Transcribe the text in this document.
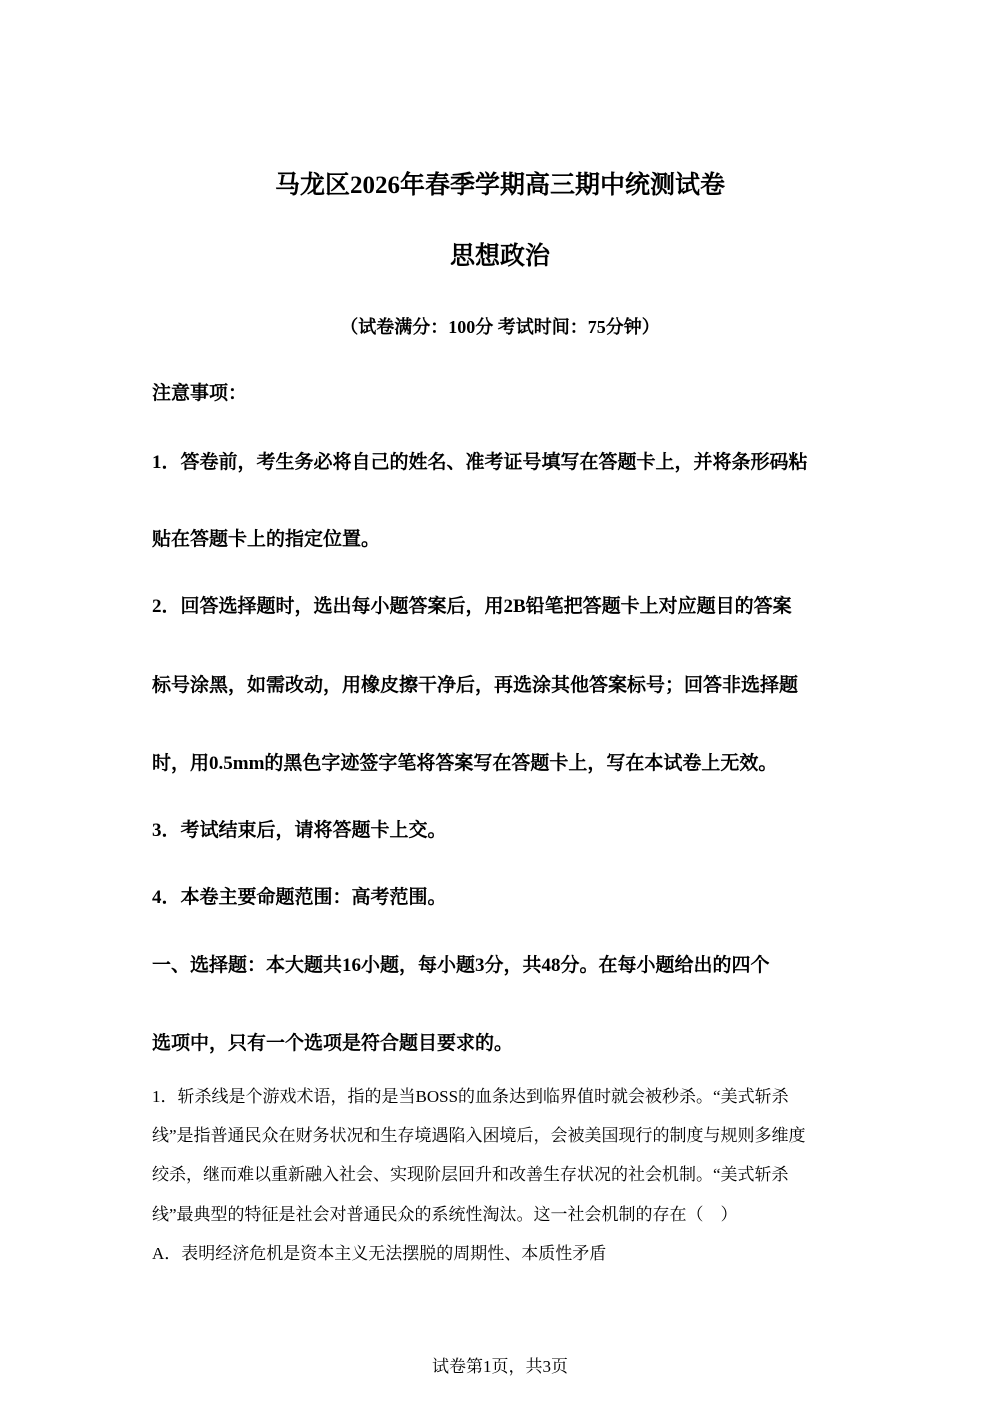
马龙区2026年春季学期高三期中统测试卷
思想政治
（试卷满分：100分 考试时间：75分钟）
注意事项：
1．答卷前，考生务必将自己的姓名、准考证号填写在答题卡上，并将条形码粘
贴在答题卡上的指定位置。
2．回答选择题时，选出每小题答案后，用2B铅笔把答题卡上对应题目的答案
标号涂黑，如需改动，用橡皮擦干净后，再选涂其他答案标号；回答非选择题
时，用0.5mm的黑色字迹签字笔将答案写在答题卡上，写在本试卷上无效。
3．考试结束后，请将答题卡上交。
4．本卷主要命题范围：高考范围。
一、选择题：本大题共16小题，每小题3分，共48分。在每小题给出的四个
选项中，只有一个选项是符合题目要求的。
1．斩杀线是个游戏术语，指的是当BOSS的血条达到临界值时就会被秒杀。“美式斩杀
线”是指普通民众在财务状况和生存境遇陷入困境后，会被美国现行的制度与规则多维度
绞杀，继而难以重新融入社会、实现阶层回升和改善生存状况的社会机制。“美式斩杀
线”最典型的特征是社会对普通民众的系统性淘汰。这一社会机制的存在（　）
A．表明经济危机是资本主义无法摆脱的周期性、本质性矛盾
试卷第1页，共3页
